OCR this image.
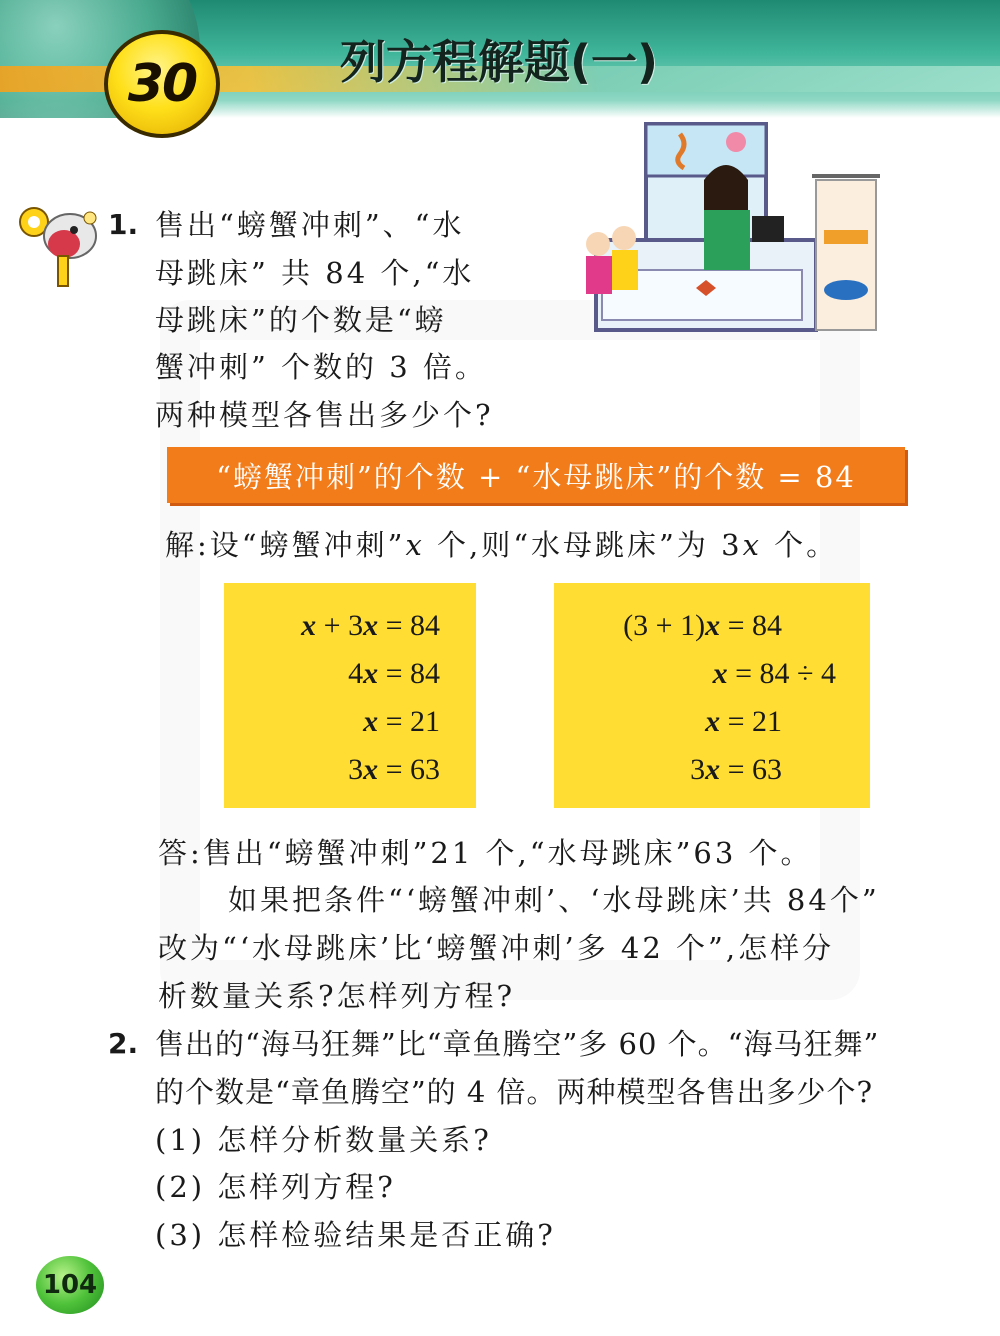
30	列方程解题(一)
1. 售出“螃蟹冲刺”、“水
母跳床” 共 84 个,“水
母跳床”的个数是“螃
蟹冲刺” 个数的 3 倍。
两种模型各售出多少个?
“螃蟹冲刺”的个数 + “水母跳床”的个数 = 84
解:设“螃蟹冲刺”x 个,则“水母跳床”为 3x 个。
x + 3x = 84
4x = 84
x = 21
3x = 63
(3 + 1)x = 84
x = 84 ÷ 4
x = 21
3x = 63
答:售出“螃蟹冲刺”21 个,“水母跳床”63 个。
如果把条件“‘螃蟹冲刺’、‘水母跳床’共 84个”
改为“‘水母跳床’比‘螃蟹冲刺’多 42 个”,怎样分
析数量关系?怎样列方程?
2. 售出的“海马狂舞”比“章鱼腾空”多 60 个。“海马狂舞”
的个数是“章鱼腾空”的 4 倍。两种模型各售出多少个?
(1) 怎样分析数量关系?
(2) 怎样列方程?
(3) 怎样检验结果是否正确?
104
